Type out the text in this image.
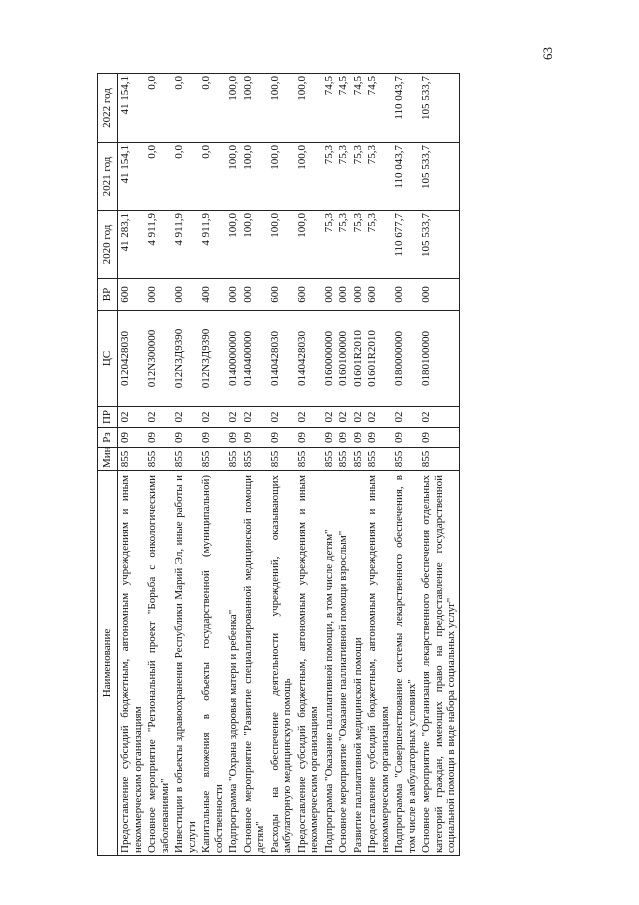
63
Наименование	Мин	Рз	ПР	ЦС	ВР	2020 год	2021 год	2022 год
Предоставление субсидий бюджетным, автономным учреждениям и иным некоммерческим организациям	855	09	02	0120428030	600	41 283,1	41 154,1	41 154,1
Основное мероприятие "Региональный проект "Борьба с онкологическими заболеваниями"	855	09	02	012N300000	000	4 911,9	0,0	0,0
Инвестиции в объекты здравоохранения Республики Марий Эл, иные работы и услуги	855	09	02	012N3Д9390	000	4 911,9	0,0	0,0
Капитальные вложения в объекты государственной (муниципальной) собственности	855	09	02	012N3Д9390	400	4 911,9	0,0	0,0
Подпрограмма "Охрана здоровья матери и ребенка"	855	09	02	0140000000	000	100,0	100,0	100,0
Основное мероприятие "Развитие специализированной медицинской помощи детям"	855	09	02	0140400000	000	100,0	100,0	100,0
Расходы на обеспечение деятельности учреждений, оказывающих амбулаторную медицинскую помощь	855	09	02	0140428030	600	100,0	100,0	100,0
Предоставление субсидий бюджетным, автономным учреждениям и иным некоммерческим организациям	855	09	02	0140428030	600	100,0	100,0	100,0
Подпрограмма "Оказание паллиативной помощи, в том числе детям"	855	09	02	0160000000	000	75,3	75,3	74,5
Основное мероприятие "Оказание паллиативной помощи взрослым"	855	09	02	0160100000	000	75,3	75,3	74,5
Развитие паллиативной медицинской помощи	855	09	02	01601R2010	000	75,3	75,3	74,5
Предоставление субсидий бюджетным, автономным учреждениям и иным некоммерческим организациям	855	09	02	01601R2010	600	75,3	75,3	74,5
Подпрограмма "Совершенствование системы лекарственного обеспечения, в том числе в амбулаторных условиях"	855	09	02	0180000000	000	110 677,7	110 043,7	110 043,7
Основное мероприятие "Организация лекарственного обеспечения отдельных категорий граждан, имеющих право на предоставление государственной социальной помощи в виде набора социальных услуг"	855	09	02	0180100000	000	105 533,7	105 533,7	105 533,7
